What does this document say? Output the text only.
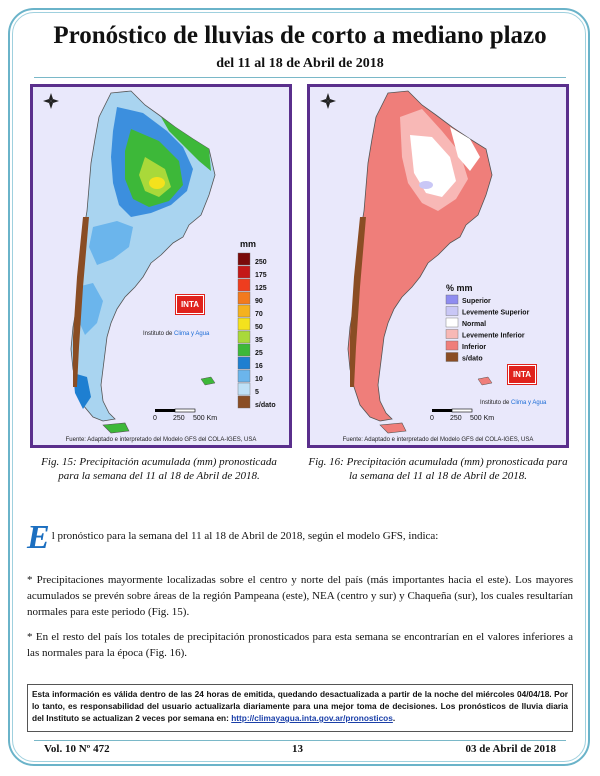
Pronóstico de lluvias de corto a mediano plazo
del 11 al 18 de Abril de 2018
250
175
125
90
70
50
35
25
16
10
5
s/dato
mm
INTA
Instituto de Clima y Agua
0 250 500 Km
Fuente: Adaptado e interpretado del Modelo GFS del COLA-IGES, USA
Superior
Levemente Superior
Normal
Levemente Inferior
Inferior
s/dato
% mm
INTA
Instituto de Clima y Agua
0 250 500 Km
Fuente: Adaptado e interpretado del Modelo GFS del COLA-IGES, USA
Fig. 15: Precipitación acumulada (mm) pronosticada para la semana del 11 al 18 de Abril de 2018.
Fig. 16: Precipitación acumulada (mm) pronosticada para la semana del 11 al 18 de Abril de 2018.
El pronóstico para la semana del 11 al 18 de Abril de 2018, según el modelo GFS, indica:
* Precipitaciones mayormente localizadas sobre el centro y norte del país (más importantes hacia el este). Los mayores acumulados se prevén sobre áreas de la región Pampeana (este), NEA (centro y sur) y Chaqueña (sur), los cuales resultarían normales para este periodo (Fig. 15).
* En el resto del país los totales de precipitación pronosticados para esta semana se encontrarían en el valores inferiores a las normales para la época (Fig. 16).
Esta información es válida dentro de las 24 horas de emitida, quedando desactualizada a partir de la noche del miércoles 04/04/18. Por lo tanto, es responsabilidad del usuario actualizarla diariamente para una mejor toma de decisiones. Los pronósticos de lluvia diaria del Instituto se actualizan 2 veces por semana en: http://climayagua.inta.gov.ar/pronosticos.
Vol. 10 Nº 472	13	03 de Abril de 2018
